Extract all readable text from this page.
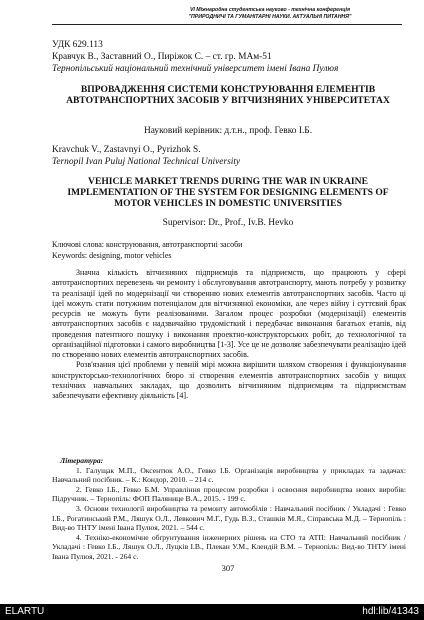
VI Міжнародна студентська науково - технічна конференція
"ПРИРОДНИЧІ ТА ГУМАНІТАРНІ НАУКИ. АКТУАЛЬНІ ПИТАННЯ"
УДК 629.113
Кравчук В., Заставний О., Пиріжок С. – ст. гр. МАм-51
Тернопільський національний технічний університет імені Івана Пулюя
ВПРОВАДЖЕННЯ СИСТЕМИ КОНСТРУЮВАННЯ ЕЛЕМЕНТІВ АВТОТРАНСПОРТНИХ ЗАСОБІВ У ВІТЧИЗНЯНИХ УНІВЕРСИТЕТАХ
Науковий керівник: д.т.н., проф. Гевко І.Б.
Kravchuk V., Zastavnyi O., Pyrizhok S.
Ternopil Ivan Puluj National Technical University
VEHICLE MARKET TRENDS DURING THE WAR IN UKRAINE IMPLEMENTATION OF THE SYSTEM FOR DESIGNING ELEMENTS OF MOTOR VEHICLES IN DOMESTIC UNIVERSITIES
Supervisor: Dr., Prof., Iv.B. Hevko
Ключові слова: конструювання, автотранспортні засоби
Keywords: designing, motor vehicles

Значна кількість вітчизняних підприємців та підприємств, що працюють у сфері автотранспортних перевезень чи ремонту і обслуговування автотранспорту, мають потребу у розвитку та реалізації ідей по модернізації чи створенню нових елементів автотранспортних засобів. Часто ці ідеї можуть стати потужним потенціалом для вітчизняної економіки, але через війну і суттєвий брак ресурсів не можуть бути реалізованими. Загалом процес розробки (модернізації) елементів автотранспортних засобів є надзвичайно трудомісткий і передбачає виконання багатьох етапів, від проведення патентного пошуку і виконання проектно-конструкторських робіт, до технологічної та організаційної підготовки і самого виробництва [1-3]. Усе це не дозволяє забезпечувати реалізацію ідей по створенню нових елементів автотранспортних засобів.

Розв'язання цієї проблеми у певній мірі можна вирішити шляхом створення і функціонування конструкторсько-технологічних бюро зі створення елементів автотранспортних засобів у вищих технічних навчальних закладах, що дозволить вітчизняним підприємцям та підприємствам забезпечувати ефективну діяльність [4].

Література:
1. Галущак М.П., Оксентюк А.О., Гевко І.Б. Організація виробництва у прикладах та задачах: Навчальний посібник. – К.: Кондор, 2010. – 214 с.
2. Гевко І.Б., Гевко Б.М. Управління процесом розробки і освоєння виробництва нових виробів: Підручник. – Тернопіль: ФОП Палянице В.А., 2015. - 199 с.
3. Основи технології виробництва та ремонту автомобілів : Навчальний посібник / Укладачі : Гевко І.Б., Рогатинський Р.М., Ляшук О.Л., Левкович М.Г., Гудь В.З., Сташків М.Я., Сіправська М.Д. – Тернопіль : Вид-во ТНТУ імені Івана Пулюя, 2021. – 544 с.
4. Техніко-економічне обґрунтування інженерних рішень на СТО та АТП: Навчальний посібник / Укладачі : Гевко І.Б., Ляшук О.Л., Луцків І.В., Плекан У.М., Клендій В.М. – Тернопіль: Вид-во ТНТУ імені Івана Пулюя, 2021. - 264 с.
307
ELARTU	hdl:lib/41343
